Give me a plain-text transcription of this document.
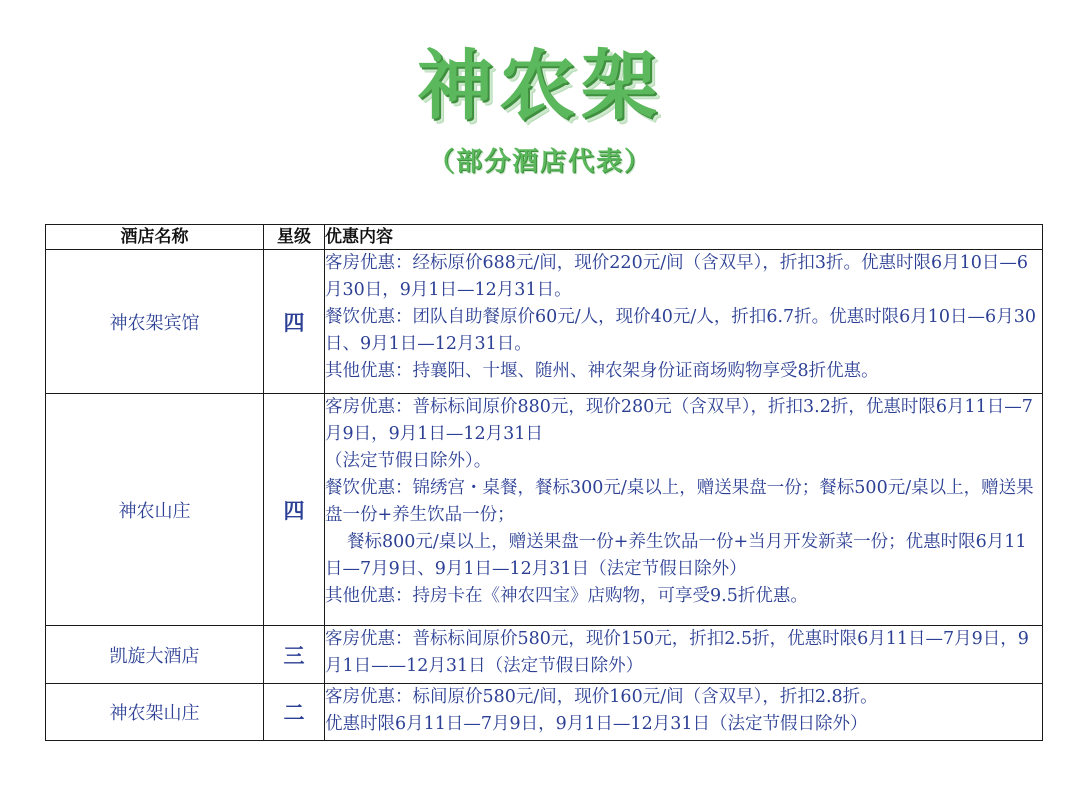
神农架
（部分酒店代表）
酒店名称	星级	优惠内容
神农架宾馆	四	客房优惠：经标原价688元/间，现价220元/间（含双早），折扣3折。优惠时限6月10日—6月30日，9月1日—12月31日。
餐饮优惠：团队自助餐原价60元/人，现价40元/人，折扣6.7折。优惠时限6月10日—6月30日、9月1日—12月31日。
其他优惠：持襄阳、十堰、随州、神农架身份证商场购物享受8折优惠。

神农山庄	四	客房优惠：普标标间原价880元，现价280元（含双早），折扣3.2折，优惠时限6月11日—7月9日，9月1日—12月31日
（法定节假日除外）。
餐饮优惠：锦绣宫・桌餐，餐标300元/桌以上，赠送果盘一份；餐标500元/桌以上，赠送果盘一份+养生饮品一份；
餐标800元/桌以上，赠送果盘一份+养生饮品一份+当月开发新菜一份；优惠时限6月11日—7月9日、9月1日—12月31日（法定节假日除外）
其他优惠：持房卡在《神农四宝》店购物，可享受9.5折优惠。

凯旋大酒店	三	客房优惠：普标标间原价580元，现价150元，折扣2.5折，优惠时限6月11日—7月9日，9月1日——12月31日（法定节假日除外）

神农架山庄	二	客房优惠：标间原价580元/间，现价160元/间（含双早），折扣2.8折。
优惠时限6月11日—7月9日，9月1日—12月31日（法定节假日除外）
